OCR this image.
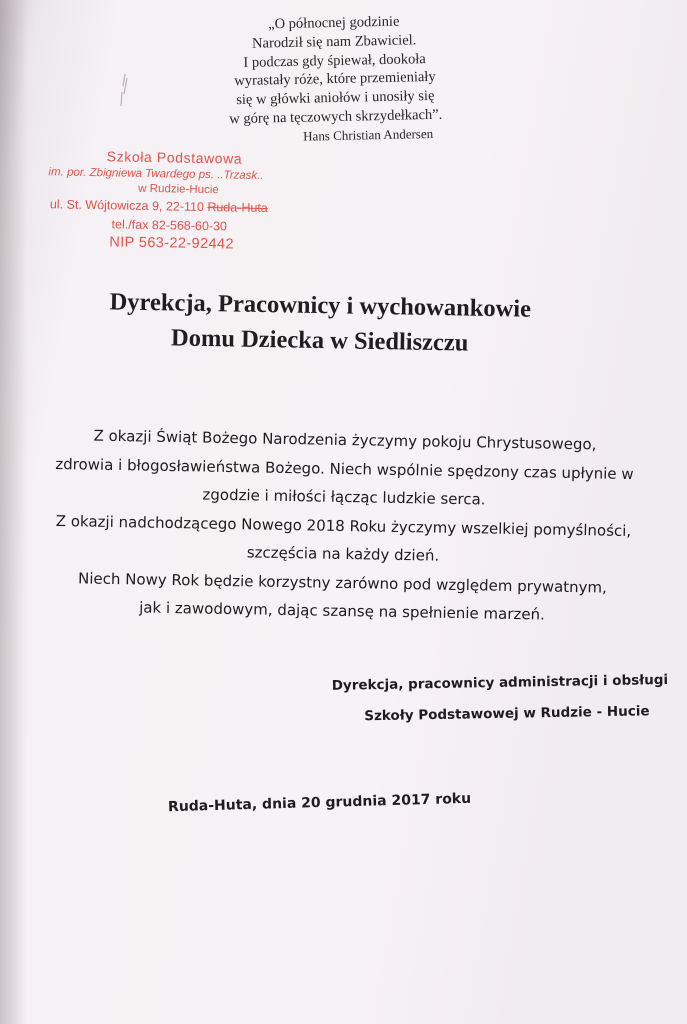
„O północnej godzinie
Narodził się nam Zbawiciel.
I podczas gdy śpiewał, dookoła
wyrastały róże, które przemieniały
się w główki aniołów i unosiły się
w górę na tęczowych skrzydełkach”.
Hans Christian Andersen
Szkoła Podstawowa
im. por. Zbigniewa Twardego ps. ..Trzask..
w Rudzie-Hucie
ul. St. Wójtowicza 9, 22-110 Ruda-Huta
tel./fax 82-568-60-30
NIP 563-22-92442
Dyrekcja, Pracownicy i wychowankowie
Domu Dziecka w Siedliszczu
Z okazji Świąt Bożego Narodzenia życzymy pokoju Chrystusowego,
zdrowia i błogosławieństwa Bożego. Niech wspólnie spędzony czas upłynie w
zgodzie i miłości łącząc ludzkie serca.
Z okazji nadchodzącego Nowego 2018 Roku życzymy wszelkiej pomyślności,
szczęścia na każdy dzień.
Niech Nowy Rok będzie korzystny zarówno pod względem prywatnym,
jak i zawodowym, dając szansę na spełnienie marzeń.
Dyrekcja, pracownicy administracji i obsługi
Szkoły Podstawowej w Rudzie - Hucie
Ruda-Huta, dnia 20 grudnia 2017 roku
